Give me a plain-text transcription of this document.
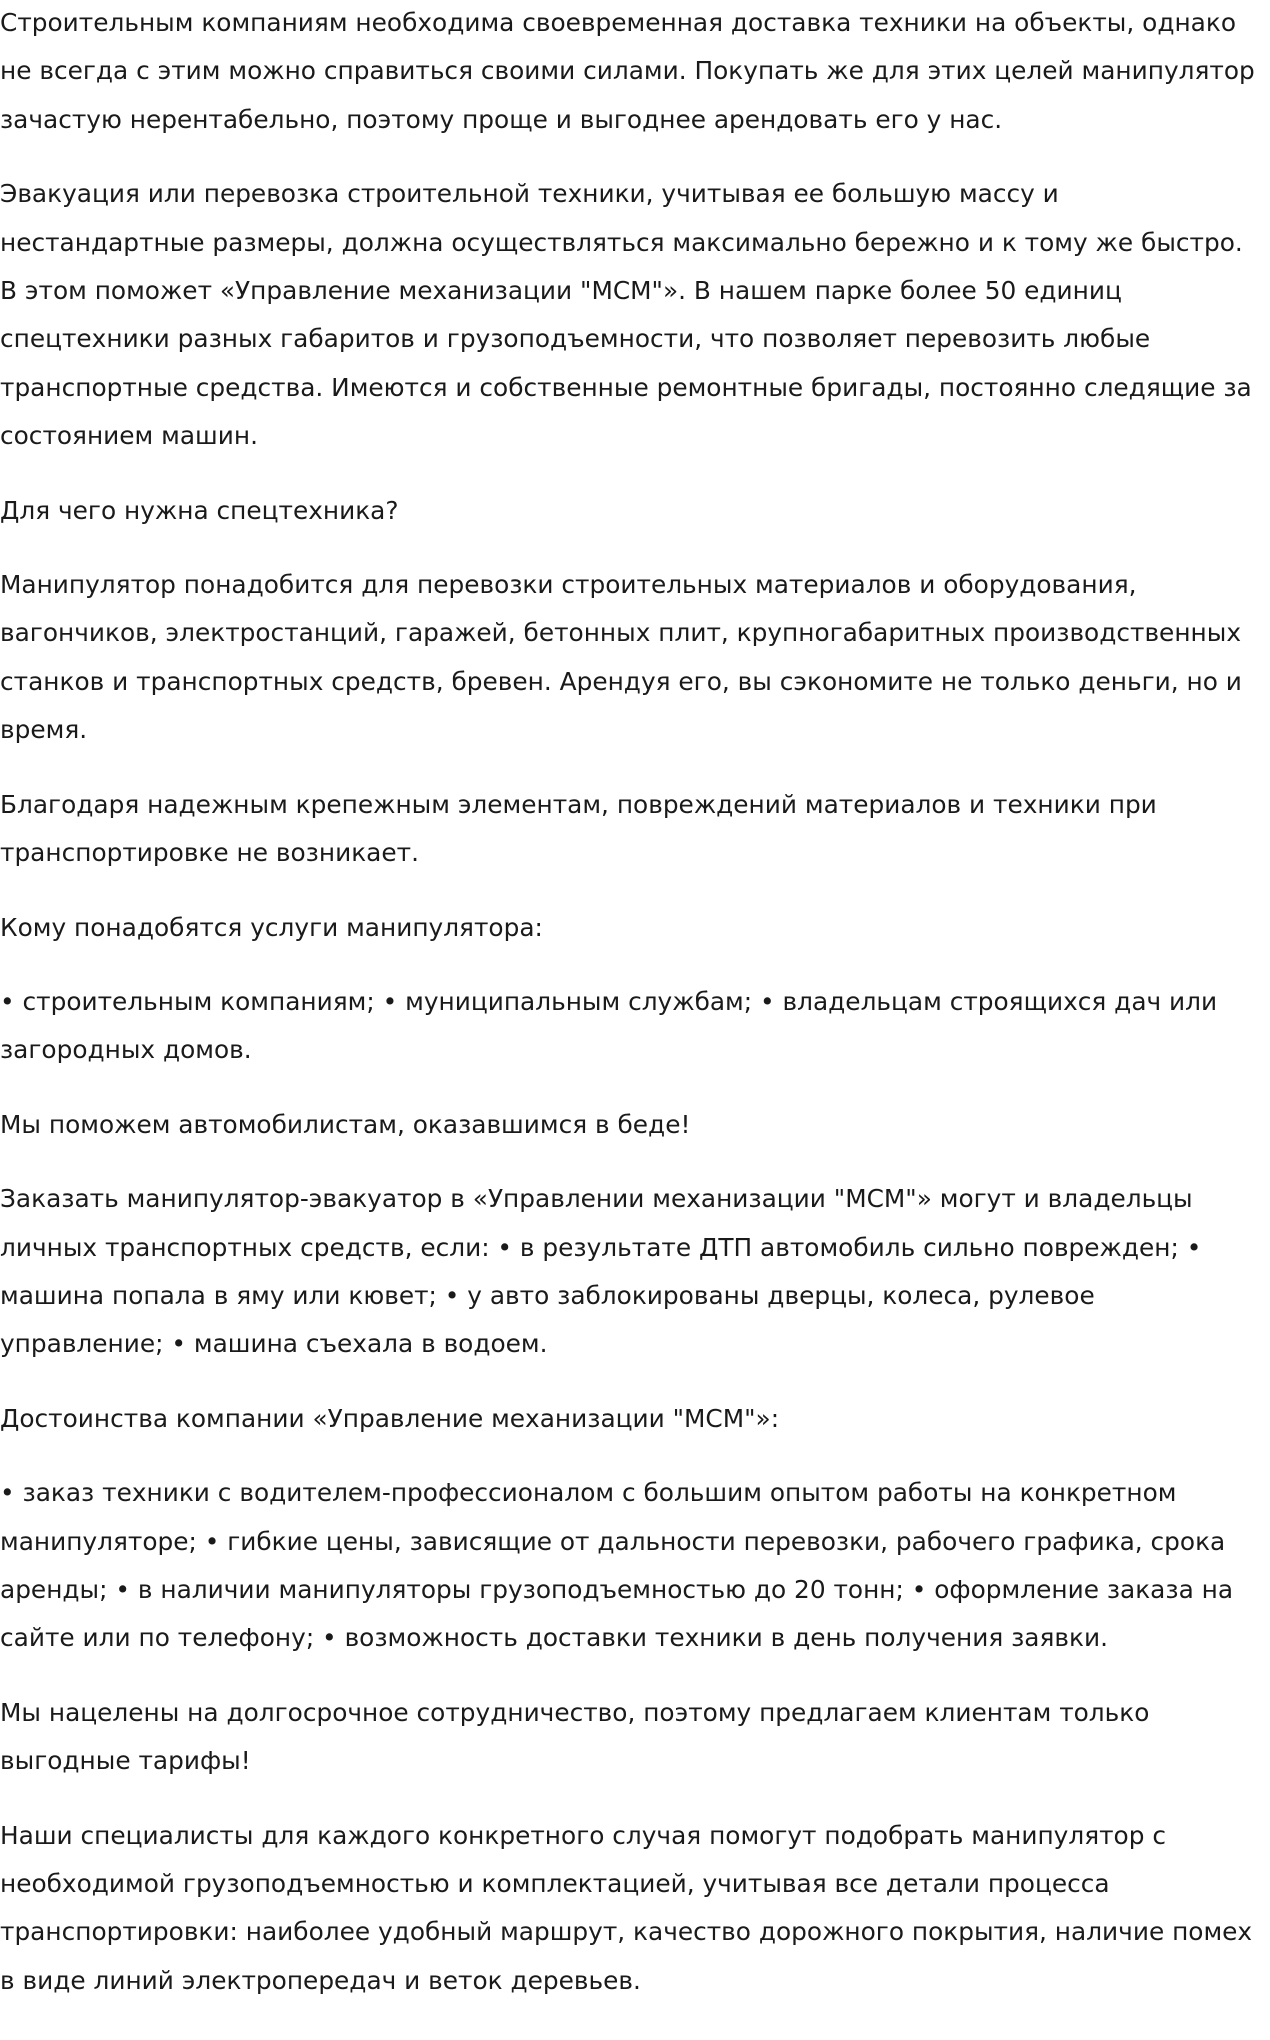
Строительным компаниям необходима своевременная доставка техники на объекты, однако не всегда с этим можно справиться своими силами. Покупать же для этих целей манипулятор зачастую нерентабельно, поэтому проще и выгоднее арендовать его у нас.

Эвакуация или перевозка строительной техники, учитывая ее большую массу и нестандартные размеры, должна осуществляться максимально бережно и к тому же быстро. В этом поможет «Управление механизации "МСМ"». В нашем парке более 50 единиц спецтехники разных габаритов и грузоподъемности, что позволяет перевозить любые транспортные средства. Имеются и собственные ремонтные бригады, постоянно следящие за состоянием машин.

Для чего нужна спецтехника?

Манипулятор понадобится для перевозки строительных материалов и оборудования, вагончиков, электростанций, гаражей, бетонных плит, крупногабаритных производственных станков и транспортных средств, бревен. Арендуя его, вы сэкономите не только деньги, но и время.

Благодаря надежным крепежным элементам, повреждений материалов и техники при транспортировке не возникает.

Кому понадобятся услуги манипулятора:

• строительным компаниям; • муниципальным службам; • владельцам строящихся дач или загородных домов.

Мы поможем автомобилистам, оказавшимся в беде!

Заказать манипулятор-эвакуатор в «Управлении механизации "МСМ"» могут и владельцы личных транспортных средств, если: • в результате ДТП автомобиль сильно поврежден; • машина попала в яму или кювет; • у авто заблокированы дверцы, колеса, рулевое управление; • машина съехала в водоем.

Достоинства компании «Управление механизации "МСМ"»:

• заказ техники с водителем-профессионалом с большим опытом работы на конкретном манипуляторе; • гибкие цены, зависящие от дальности перевозки, рабочего графика, срока аренды; • в наличии манипуляторы грузоподъемностью до 20 тонн; • оформление заказа на сайте или по телефону; • возможность доставки техники в день получения заявки.

Мы нацелены на долгосрочное сотрудничество, поэтому предлагаем клиентам только выгодные тарифы!

Наши специалисты для каждого конкретного случая помогут подобрать манипулятор с необходимой грузоподъемностью и комплектацией, учитывая все детали процесса транспортировки: наиболее удобный маршрут, качество дорожного покрытия, наличие помех в виде линий электропередач и веток деревьев.
